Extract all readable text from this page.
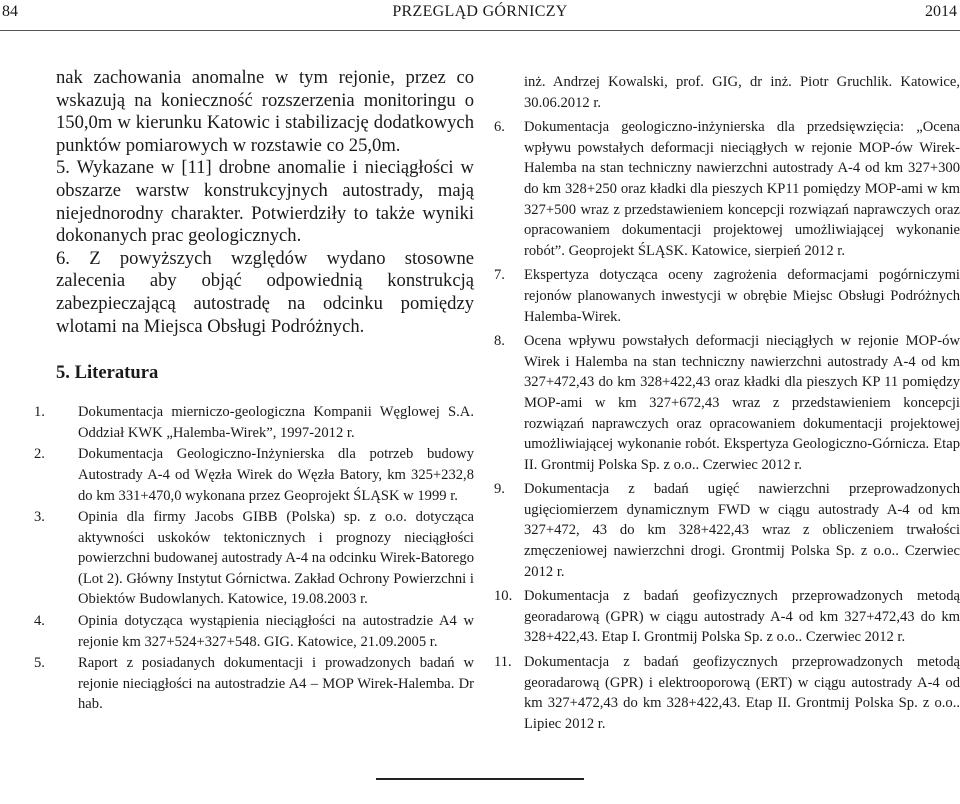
84	PRZEGLĄD GÓRNICZY	2014

nak zachowania anomalne w tym rejonie, przez co wskazują na konieczność rozszerzenia monitoringu o 150,0m w kierunku Katowic i stabilizację dodatkowych punktów pomiarowych w rozstawie co 25,0m.

5. Wykazane w [11] drobne anomalie i nieciągłości w obszarze warstw konstrukcyjnych autostrady, mają niejednorodny charakter. Potwierdziły to także wyniki dokonanych prac geologicznych.

6. Z powyższych względów wydano stosowne zalecenia aby objąć odpowiednią konstrukcją zabezpieczającą autostradę na odcinku pomiędzy wlotami na Miejsca Obsługi Podróżnych.

5. Literatura

1.	Dokumentacja mierniczo-geologiczna Kompanii Węglowej S.A. Oddział KWK „Halemba-Wirek”, 1997-2012 r.

2.	Dokumentacja Geologiczno-Inżynierska dla potrzeb budowy Autostrady A-4 od Węzła Wirek do Węzła Batory, km 325+232,8 do km 331+470,0 wykonana przez Geoprojekt ŚLĄSK w 1999 r.

3.	Opinia dla firmy Jacobs GIBB (Polska) sp. z o.o. dotycząca aktywności uskoków tektonicznych i prognozy nieciągłości powierzchni budowanej autostrady A-4 na odcinku Wirek-Batorego (Lot 2). Główny Instytut Górnictwa. Zakład Ochrony Powierzchni i Obiektów Budowlanych. Katowice, 19.08.2003 r.

4.	Opinia dotycząca wystąpienia nieciągłości na autostradzie A4 w rejonie km 327+524+327+548. GIG. Katowice, 21.09.2005 r.

5.	Raport z posiadanych dokumentacji i prowadzonych badań w rejonie nieciągłości na autostradzie A4 – MOP Wirek-Halemba. Dr hab.

inż. Andrzej Kowalski, prof. GIG, dr inż. Piotr Gruchlik. Katowice, 30.06.2012 r.

6.	Dokumentacja geologiczno-inżynierska dla przedsięwzięcia: „Ocena wpływu powstałych deformacji nieciągłych w rejonie MOP-ów Wirek-Halemba na stan techniczny nawierzchni autostrady A-4 od km 327+300 do km 328+250 oraz kładki dla pieszych KP11 pomiędzy MOP-ami w km 327+500 wraz z przedstawieniem koncepcji rozwiązań naprawczych oraz opracowaniem dokumentacji projektowej umożliwiającej wykonanie robót”. Geoprojekt ŚLĄSK. Katowice, sierpień 2012 r.

7.	Ekspertyza dotycząca oceny zagrożenia deformacjami pogórniczymi rejonów planowanych inwestycji w obrębie Miejsc Obsługi Podróżnych Halemba-Wirek.

8.	Ocena wpływu powstałych deformacji nieciągłych w rejonie MOP-ów Wirek i Halemba na stan techniczny nawierzchni autostrady A-4 od km 327+472,43 do km 328+422,43 oraz kładki dla pieszych KP 11 pomiędzy MOP-ami w km 327+672,43 wraz z przedstawieniem koncepcji rozwiązań naprawczych oraz opracowaniem dokumentacji projektowej umożliwiającej wykonanie robót. Ekspertyza Geologiczno-Górnicza. Etap II. Grontmij Polska Sp. z o.o.. Czerwiec 2012 r.

9.	Dokumentacja z badań ugięć nawierzchni przeprowadzonych ugięciomierzem dynamicznym FWD w ciągu autostrady A-4 od km 327+472, 43 do km 328+422,43 wraz z obliczeniem trwałości zmęczeniowej nawierzchni drogi. Grontmij Polska Sp. z o.o.. Czerwiec 2012 r.

10. Dokumentacja z badań geofizycznych przeprowadzonych metodą georadarową (GPR) w ciągu autostrady A-4 od km 327+472,43 do km 328+422,43. Etap I. Grontmij Polska Sp. z o.o.. Czerwiec 2012 r.

11. Dokumentacja z badań geofizycznych przeprowadzonych metodą georadarową (GPR) i elektrooporową (ERT) w ciągu autostrady A-4 od km 327+472,43 do km 328+422,43. Etap II. Grontmij Polska Sp. z o.o.. Lipiec 2012 r.
